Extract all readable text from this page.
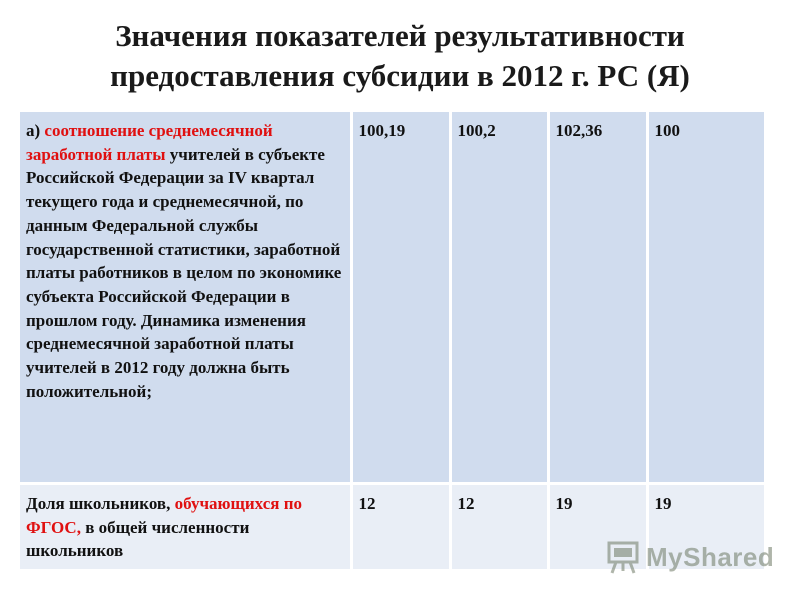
Значения показателей результативности
предоставления субсидии в 2012 г. РС (Я)
а) соотношение среднемесячной заработной платы учителей в субъекте Российской Федерации за IV квартал текущего года и среднемесячной, по данным Федеральной службы государственной статистики, заработной платы работников в целом по экономике субъекта Российской Федерации в прошлом году. Динамика изменения среднемесячной заработной платы учителей в 2012 году должна быть положительной;	100,19	100,2	102,36	100
Доля школьников, обучающихся по ФГОС, в общей численности школьников	12	12	19	19
MyShared
